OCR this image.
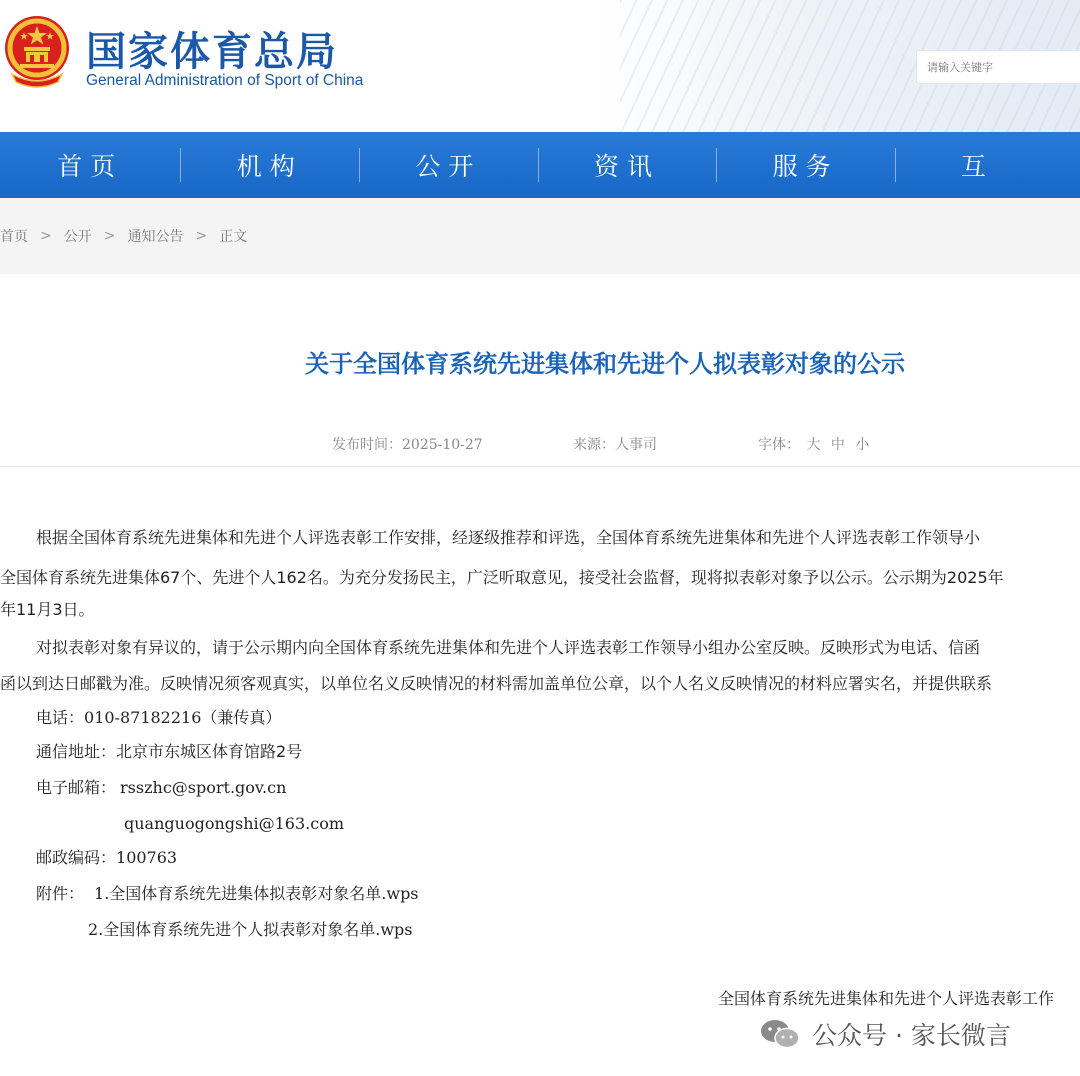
国家体育总局
General Administration of Sport of China
请输入关键字
首页	机构	公开	资讯	服务	互
首页 > 公开 > 通知公告 > 正文
关于全国体育系统先进集体和先进个人拟表彰对象的公示
发布时间：2025-10-27	来源：人事司	字体： 大 中 小
根据全国体育系统先进集体和先进个人评选表彰工作安排，经逐级推荐和评选，全国体育系统先进集体和先进个人评选表彰工作领导小
全国体育系统先进集体67个、先进个人162名。为充分发扬民主，广泛听取意见，接受社会监督，现将拟表彰对象予以公示。公示期为2025年
年11月3日。
对拟表彰对象有异议的，请于公示期内向全国体育系统先进集体和先进个人评选表彰工作领导小组办公室反映。反映形式为电话、信函
函以到达日邮戳为准。反映情况须客观真实，以单位名义反映情况的材料需加盖单位公章，以个人名义反映情况的材料应署实名，并提供联系
电话：010-87182216（兼传真）
通信地址：北京市东城区体育馆路2号
电子邮箱： rsszhc@sport.gov.cn
quanguogongshi@163.com
邮政编码：100763
附件： 1.全国体育系统先进集体拟表彰对象名单.wps
2.全国体育系统先进个人拟表彰对象名单.wps
全国体育系统先进集体和先进个人评选表彰工作
公众号 · 家长微言
